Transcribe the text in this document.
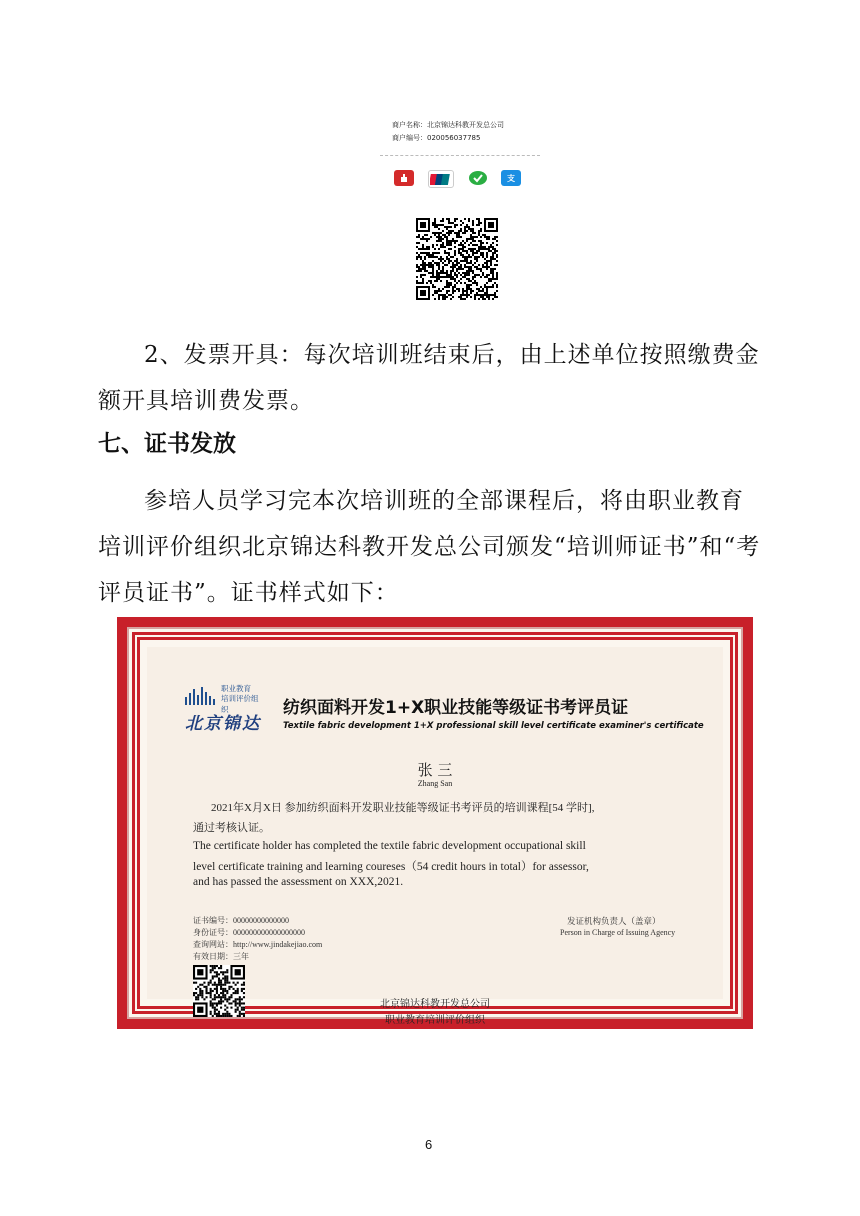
商户名称：北京锦达科教开发总公司
商户编号：020056037785
支
2、发票开具：每次培训班结束后，由上述单位按照缴费金额开具培训费发票。
七、证书发放
参培人员学习完本次培训班的全部课程后，将由职业教育培训评价组织北京锦达科教开发总公司颁发“培训师证书”和“考评员证书”。证书样式如下：
职业教育
培训评价组织
北京锦达
纺织面料开发1+X职业技能等级证书考评员证
Textile fabric development 1+X professional skill level certificate examiner's certificate
张 三
Zhang San
2021年X月X日 参加纺织面料开发职业技能等级证书考评员的培训课程[54 学时],
通过考核认证。
The certificate holder has completed the textile fabric development occupational skill
level certificate training and learning coureses（54 credit hours in total）for assessor,
and has passed the assessment on XXX,2021.
证书编号：00000000000000
身份证号：000000000000000000
查询网站：http://www.jindakejiao.com
有效日期：三年
发证机构负责人（盖章）
Person in Charge of Issuing Agency
北京锦达科教开发总公司
职业教育培训评价组织
6
